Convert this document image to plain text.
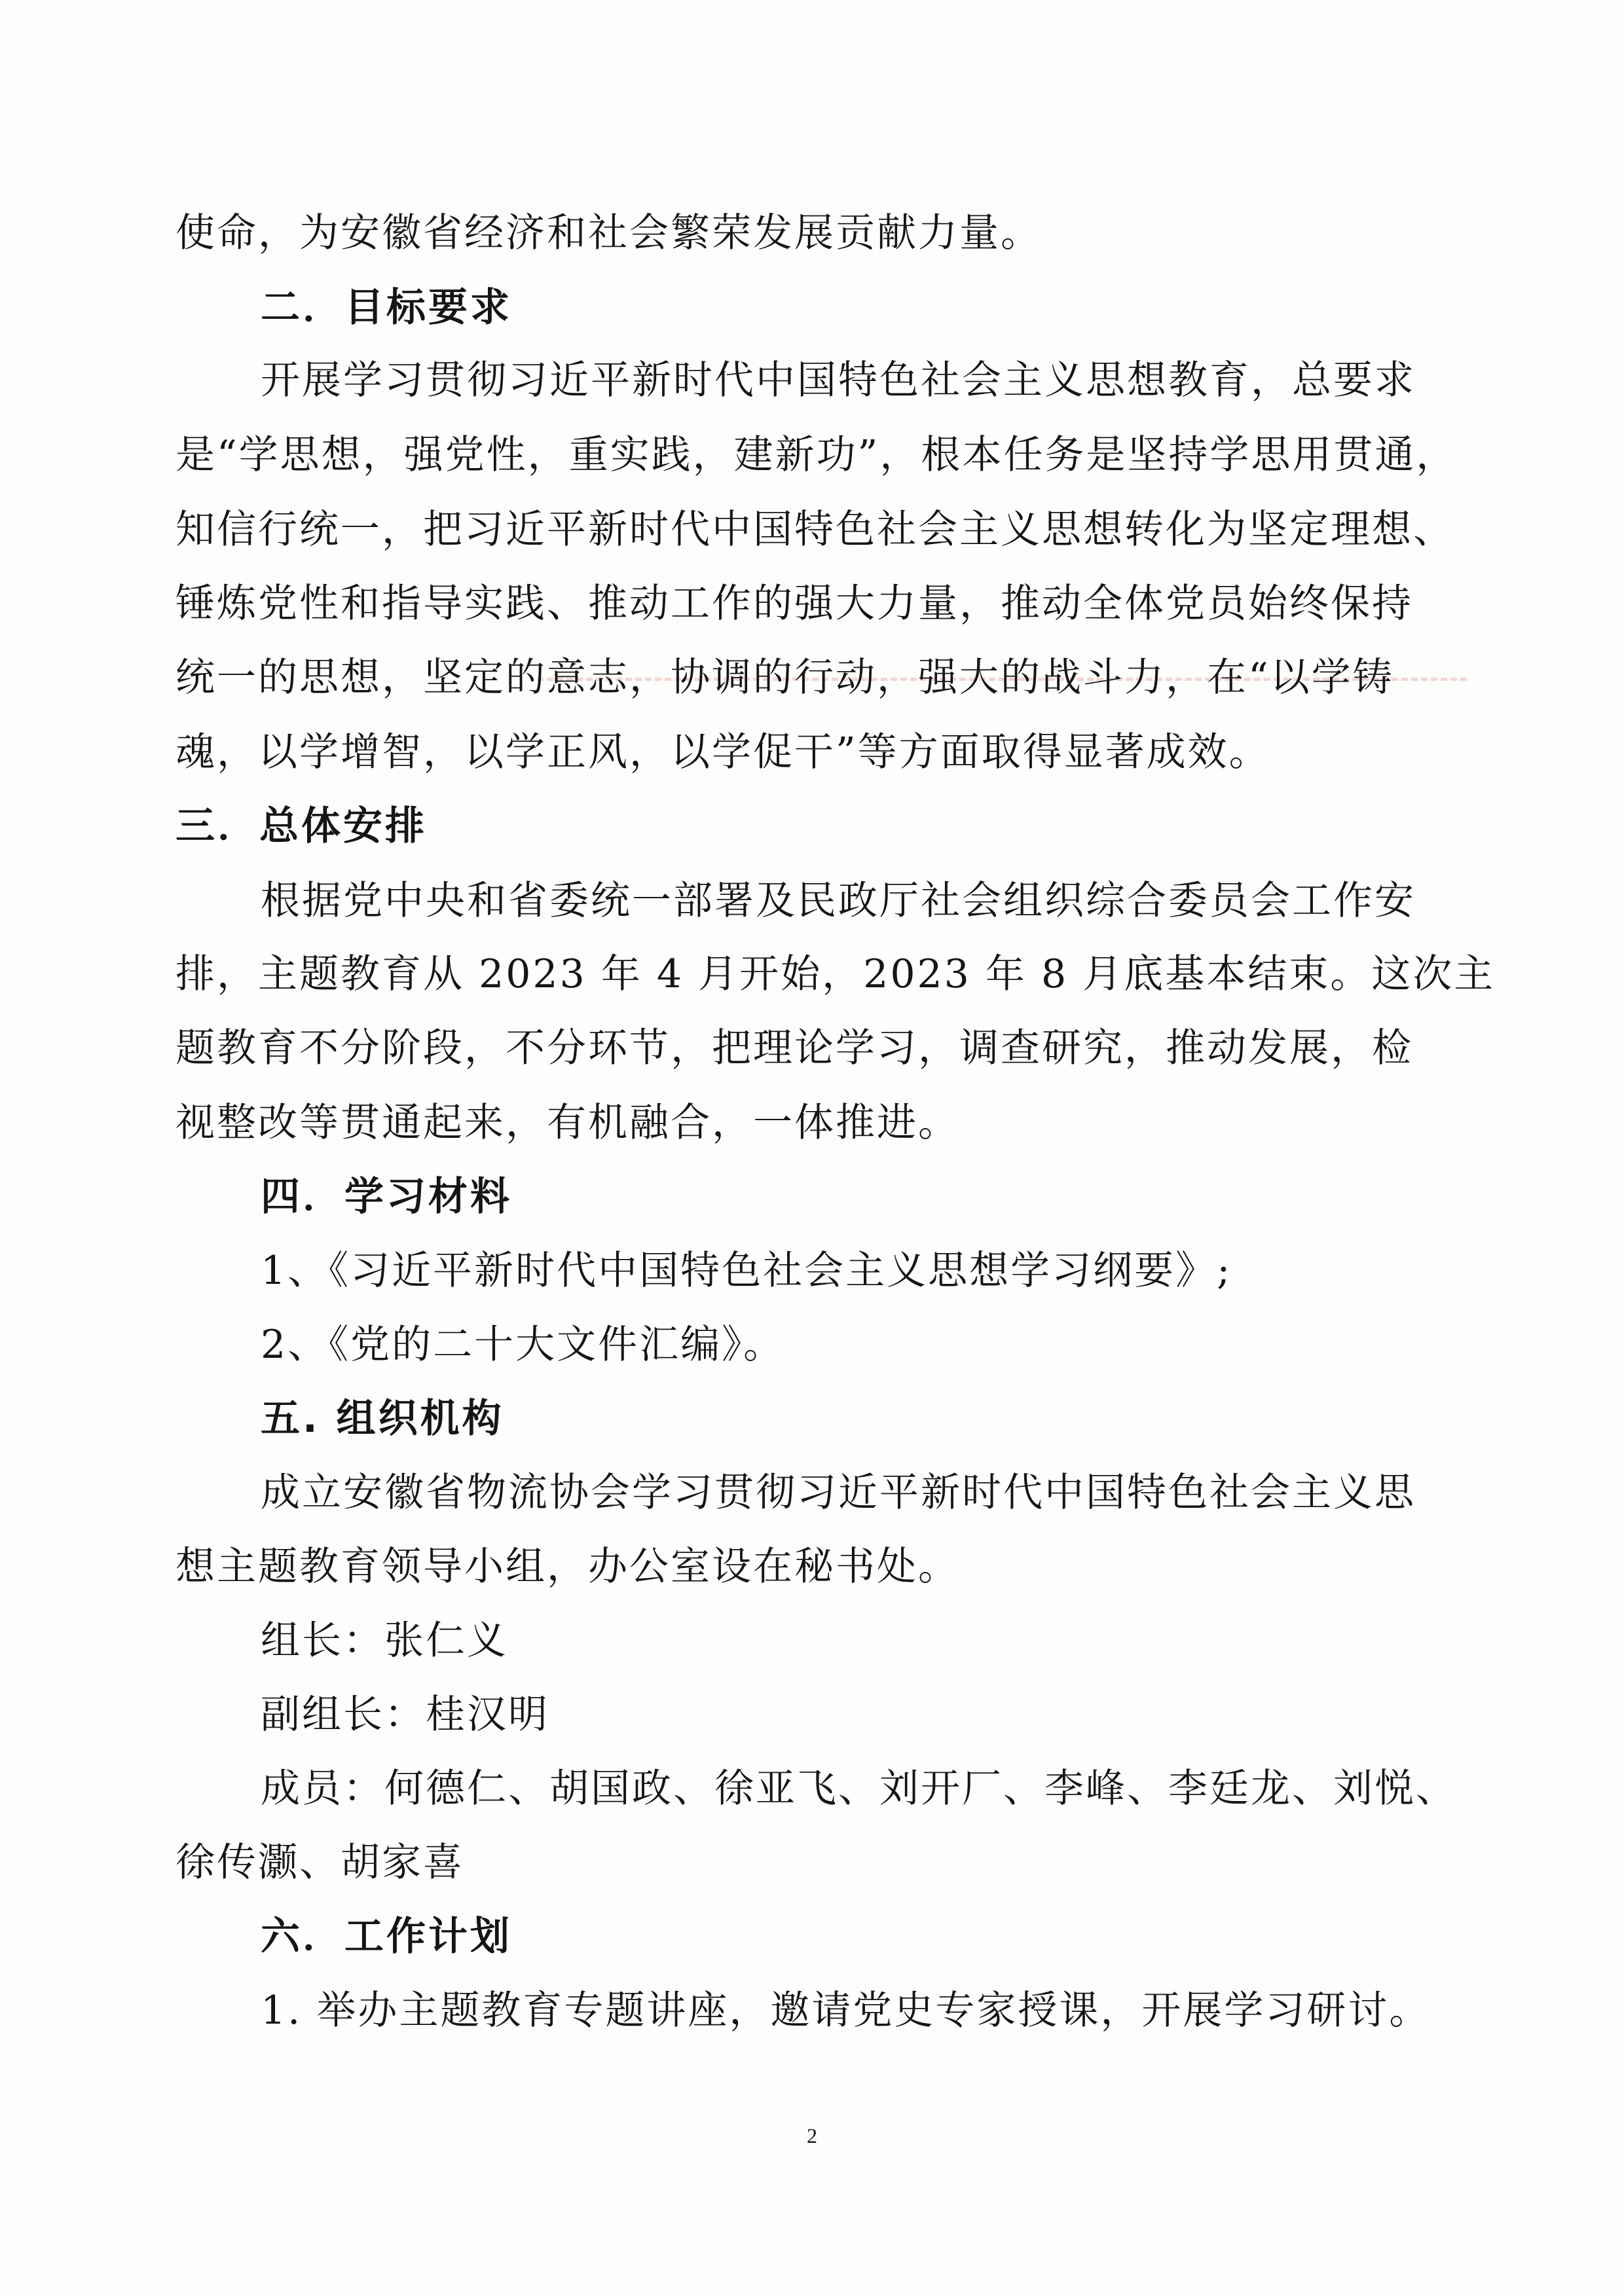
使命，为安徽省经济和社会繁荣发展贡献力量。
二．目标要求
开展学习贯彻习近平新时代中国特色社会主义思想教育，总要求
是“学思想，强党性，重实践，建新功”，根本任务是坚持学思用贯通，
知信行统一，把习近平新时代中国特色社会主义思想转化为坚定理想、
锤炼党性和指导实践、推动工作的强大力量，推动全体党员始终保持
统一的思想，坚定的意志，协调的行动，强大的战斗力，在“以学铸
魂，以学增智，以学正风，以学促干”等方面取得显著成效。
三．总体安排
根据党中央和省委统一部署及民政厅社会组织综合委员会工作安
排，主题教育从 2023 年 4 月开始，2023 年 8 月底基本结束。这次主
题教育不分阶段，不分环节，把理论学习，调查研究，推动发展，检
视整改等贯通起来，有机融合，一体推进。
四．学习材料
1、《习近平新时代中国特色社会主义思想学习纲要》;
2、《党的二十大文件汇编》。
五. 组织机构
成立安徽省物流协会学习贯彻习近平新时代中国特色社会主义思
想主题教育领导小组，办公室设在秘书处。
组长：张仁义
副组长：桂汉明
成员：何德仁、胡国政、徐亚飞、刘开厂、李峰、李廷龙、刘悦、
徐传灏、胡家喜
六．工作计划
1. 举办主题教育专题讲座，邀请党史专家授课，开展学习研讨。
2
